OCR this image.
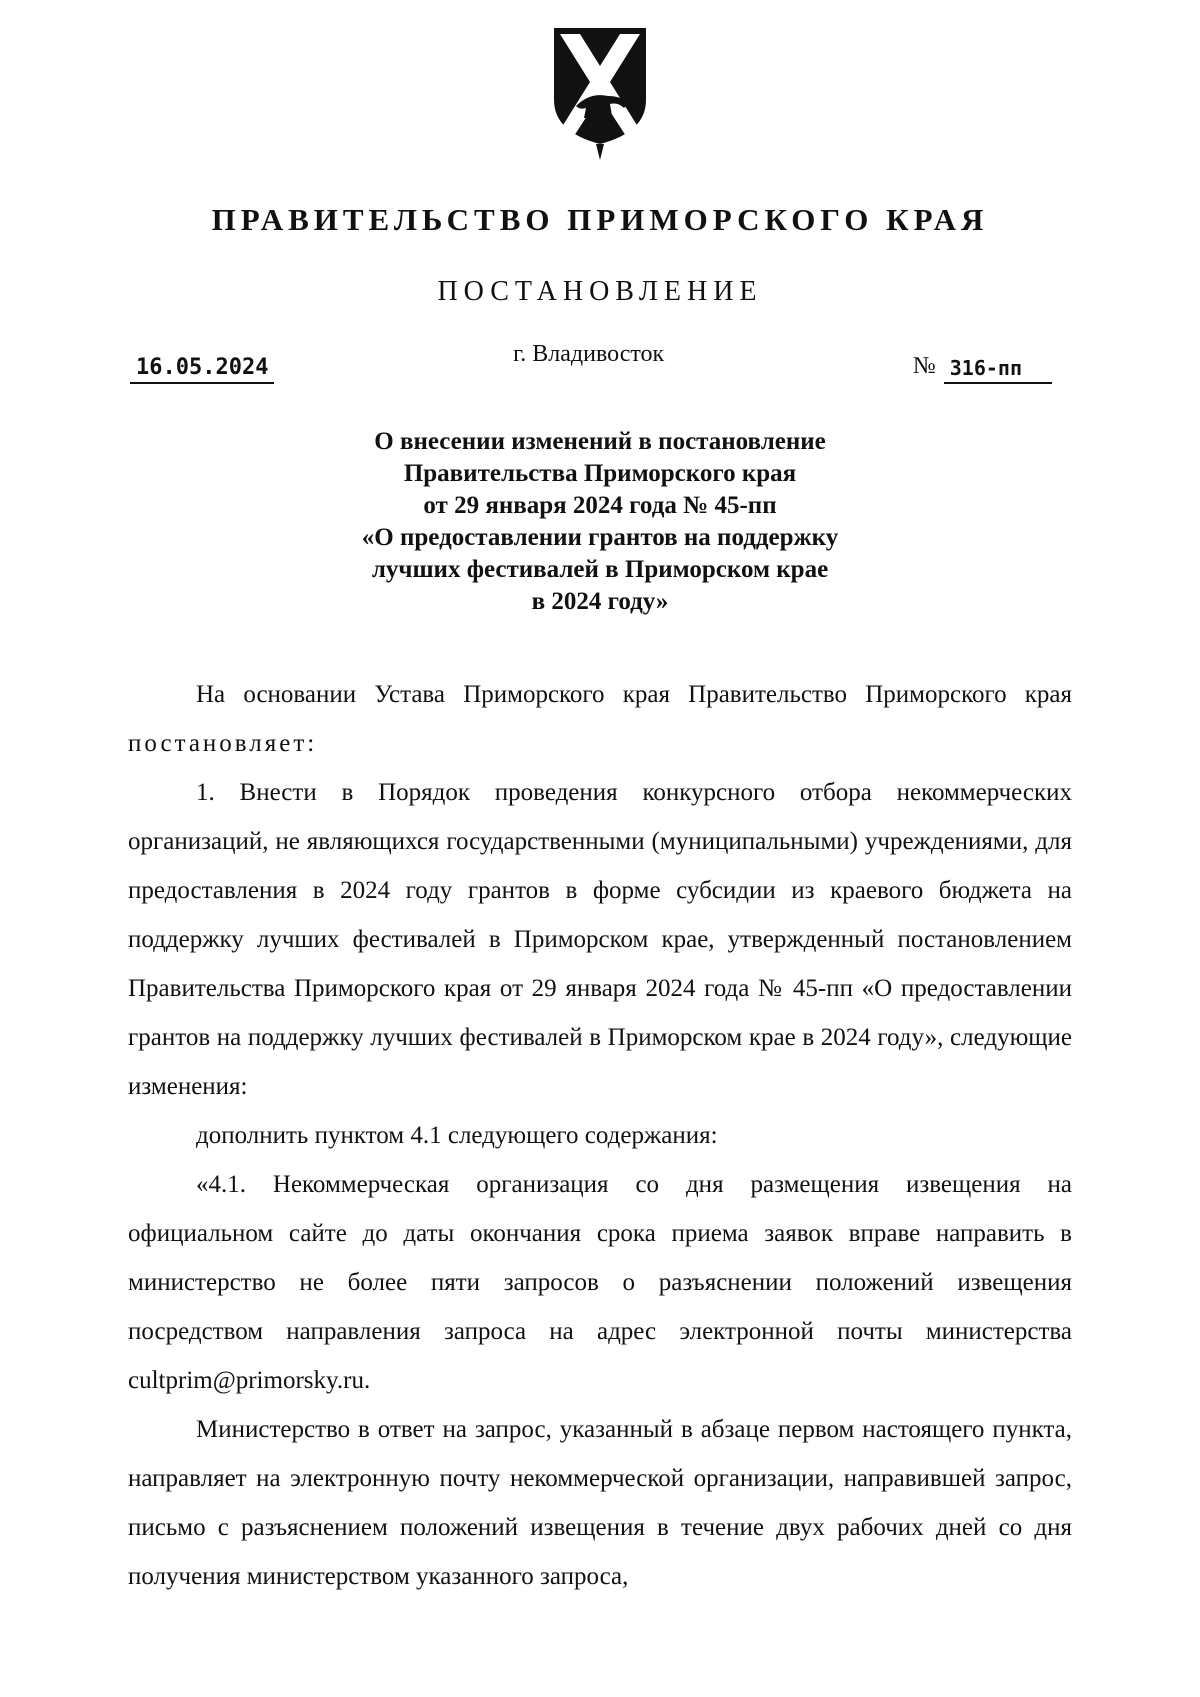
ПРАВИТЕЛЬСТВО ПРИМОРСКОГО КРАЯ
ПОСТАНОВЛЕНИЕ
16.05.2024
г. Владивосток	№ 316-пп
О внесении изменений в постановление
Правительства Приморского края
от 29 января 2024 года № 45-пп
«О предоставлении грантов на поддержку
лучших фестивалей в Приморском крае
в 2024 году»

На основании Устава Приморского края Правительство Приморского края постановляет:

1. Внести в Порядок проведения конкурсного отбора некоммерческих организаций, не являющихся государственными (муниципальными) учреждениями, для предоставления в 2024 году грантов в форме субсидии из краевого бюджета на поддержку лучших фестивалей в Приморском крае, утвержденный постановлением Правительства Приморского края от 29 января 2024 года № 45-пп «О предоставлении грантов на поддержку лучших фестивалей в Приморском крае в 2024 году», следующие изменения:

дополнить пунктом 4.1 следующего содержания:

«4.1. Некоммерческая организация со дня размещения извещения на официальном сайте до даты окончания срока приема заявок вправе направить в министерство не более пяти запросов о разъяснении положений извещения посредством направления запроса на адрес электронной почты министерства cultprim@primorsky.ru.

Министерство в ответ на запрос, указанный в абзаце первом настоящего пункта, направляет на электронную почту некоммерческой организации, направившей запрос, письмо с разъяснением положений извещения в течение двух рабочих дней со дня получения министерством указанного запроса,
